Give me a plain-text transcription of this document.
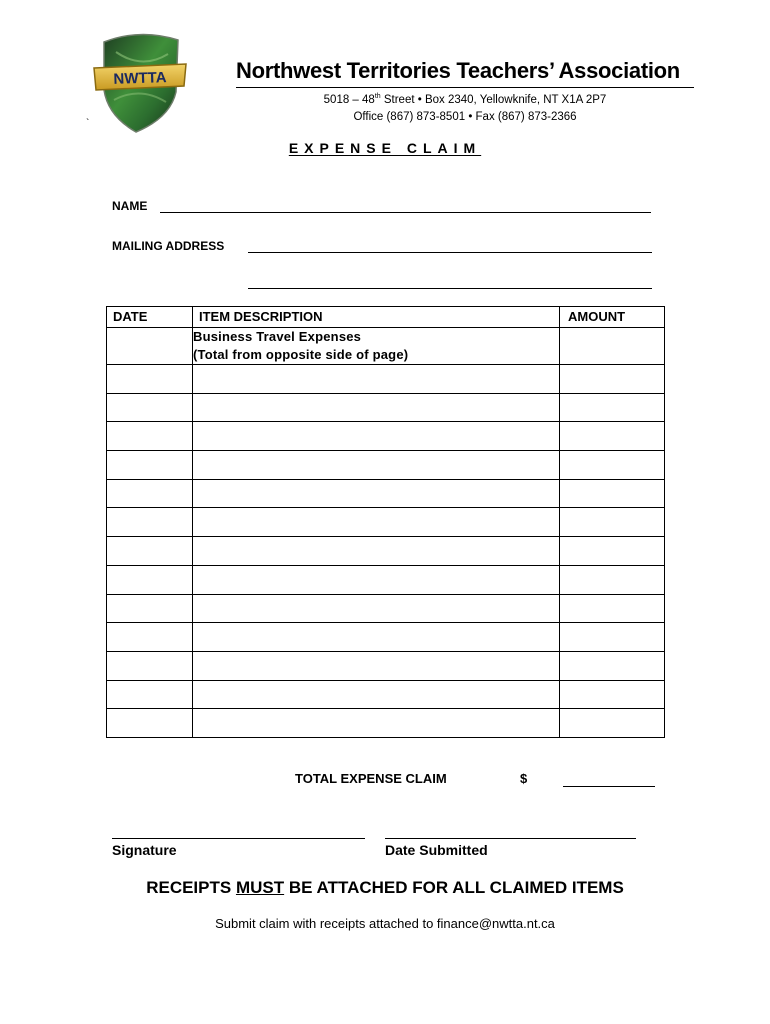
NWTTA
`
Northwest Territories Teachers’ Association
5018 – 48th Street • Box 2340, Yellowknife, NT X1A 2P7
Office (867) 873-8501 • Fax (867) 873-2366
EXPENSE CLAIM
NAME
MAILING ADDRESS
DATE	ITEM DESCRIPTION	AMOUNT

	Business Travel Expenses
(Total from opposite side of page)	

TOTAL EXPENSE CLAIM	$
Signature	Date Submitted
RECEIPTS MUST BE ATTACHED FOR ALL CLAIMED ITEMS
Submit claim with receipts attached to finance@nwtta.nt.ca
